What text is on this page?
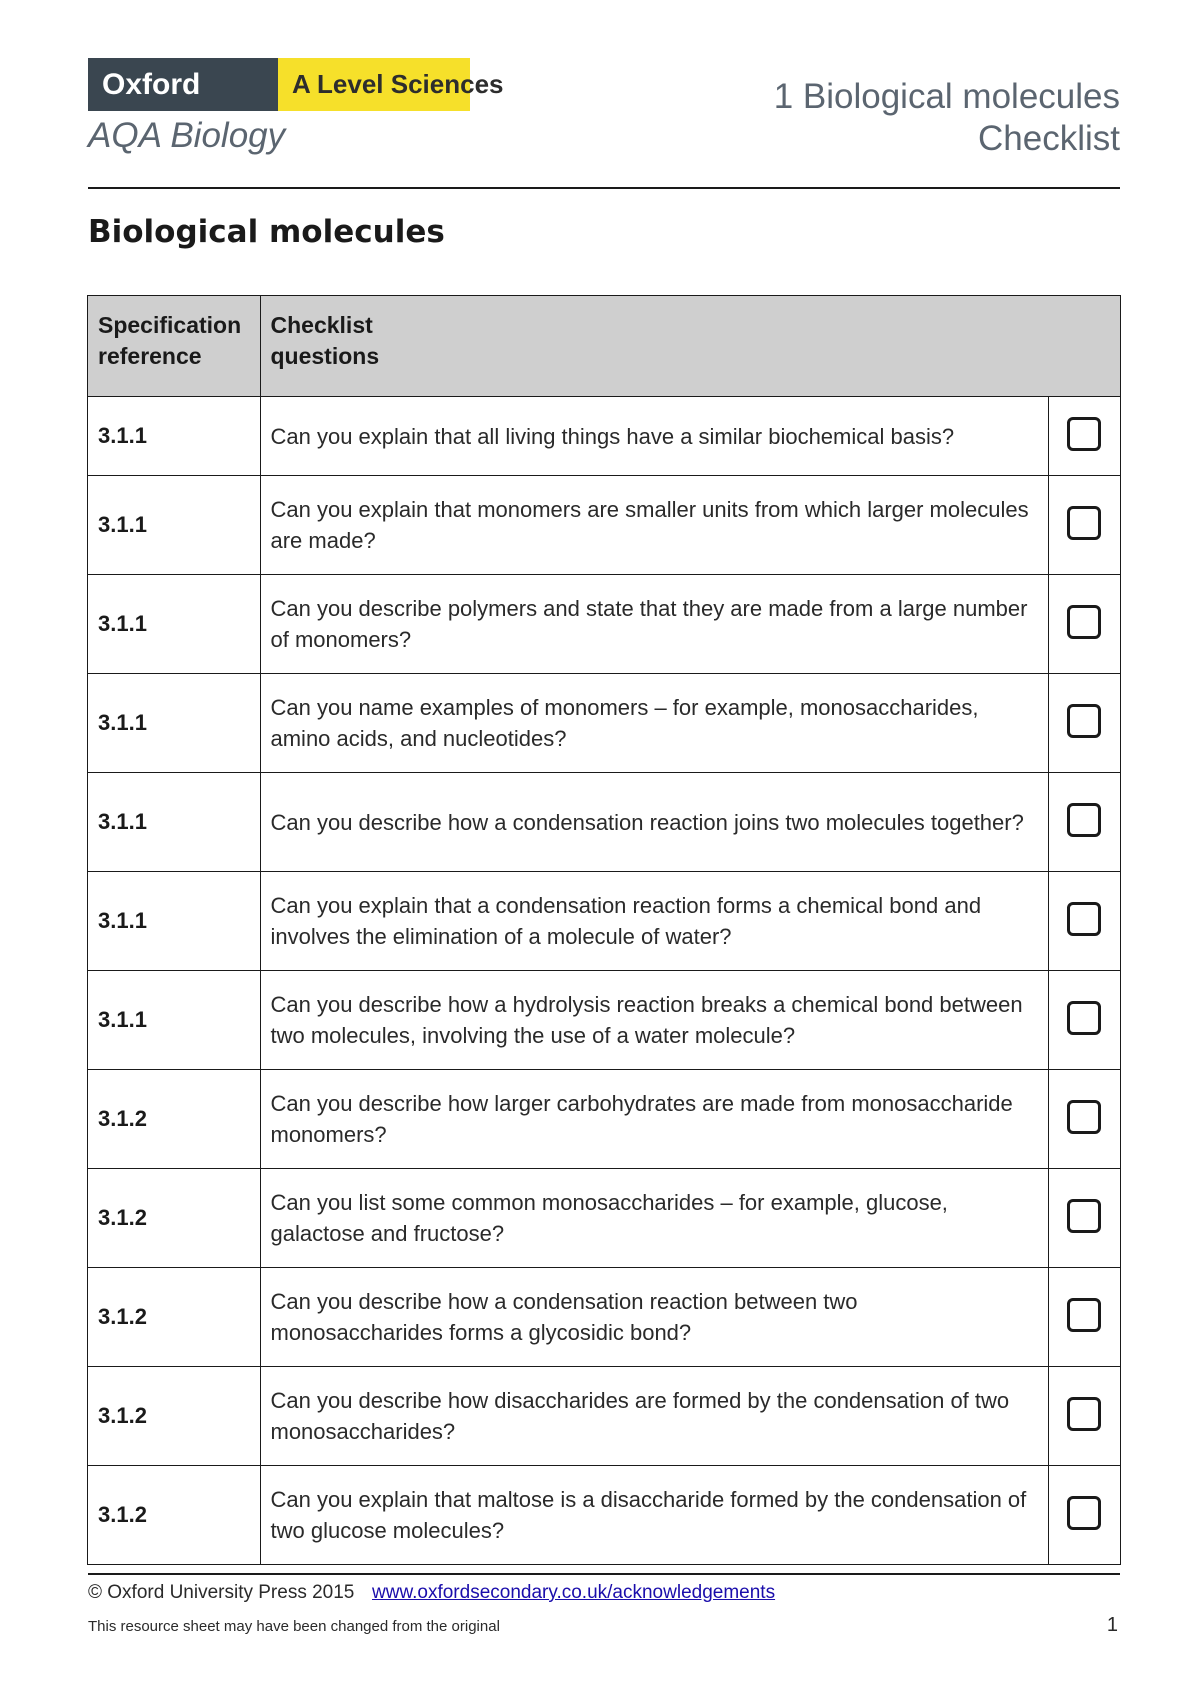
Oxford	A Level Sciences
AQA Biology
1 Biological molecules
Checklist
Biological molecules
Specification
reference	Checklist
questions	

3.1.1	Can you explain that all living things have a similar biochemical basis?	
3.1.1	Can you explain that monomers are smaller units from which larger molecules are made?	
3.1.1	Can you describe polymers and state that they are made from a large number of monomers?	
3.1.1	Can you name examples of monomers – for example, monosaccharides, amino acids, and nucleotides?	
3.1.1	Can you describe how a condensation reaction joins two molecules together?	
3.1.1	Can you explain that a condensation reaction forms a chemical bond and involves the elimination of a molecule of water?	
3.1.1	Can you describe how a hydrolysis reaction breaks a chemical bond between two molecules, involving the use of a water molecule?	
3.1.2	Can you describe how larger carbohydrates are made from monosaccharide monomers?	
3.1.2	Can you list some common monosaccharides – for example, glucose, galactose and fructose?	
3.1.2	Can you describe how a condensation reaction between two monosaccharides forms a glycosidic bond?	
3.1.2	Can you describe how disaccharides are formed by the condensation of two monosaccharides?	
3.1.2	Can you explain that maltose is a disaccharide formed by the condensation of two glucose molecules?	
© Oxford University Press 2015 www.oxfordsecondary.co.uk/acknowledgements
This resource sheet may have been changed from the original	1
